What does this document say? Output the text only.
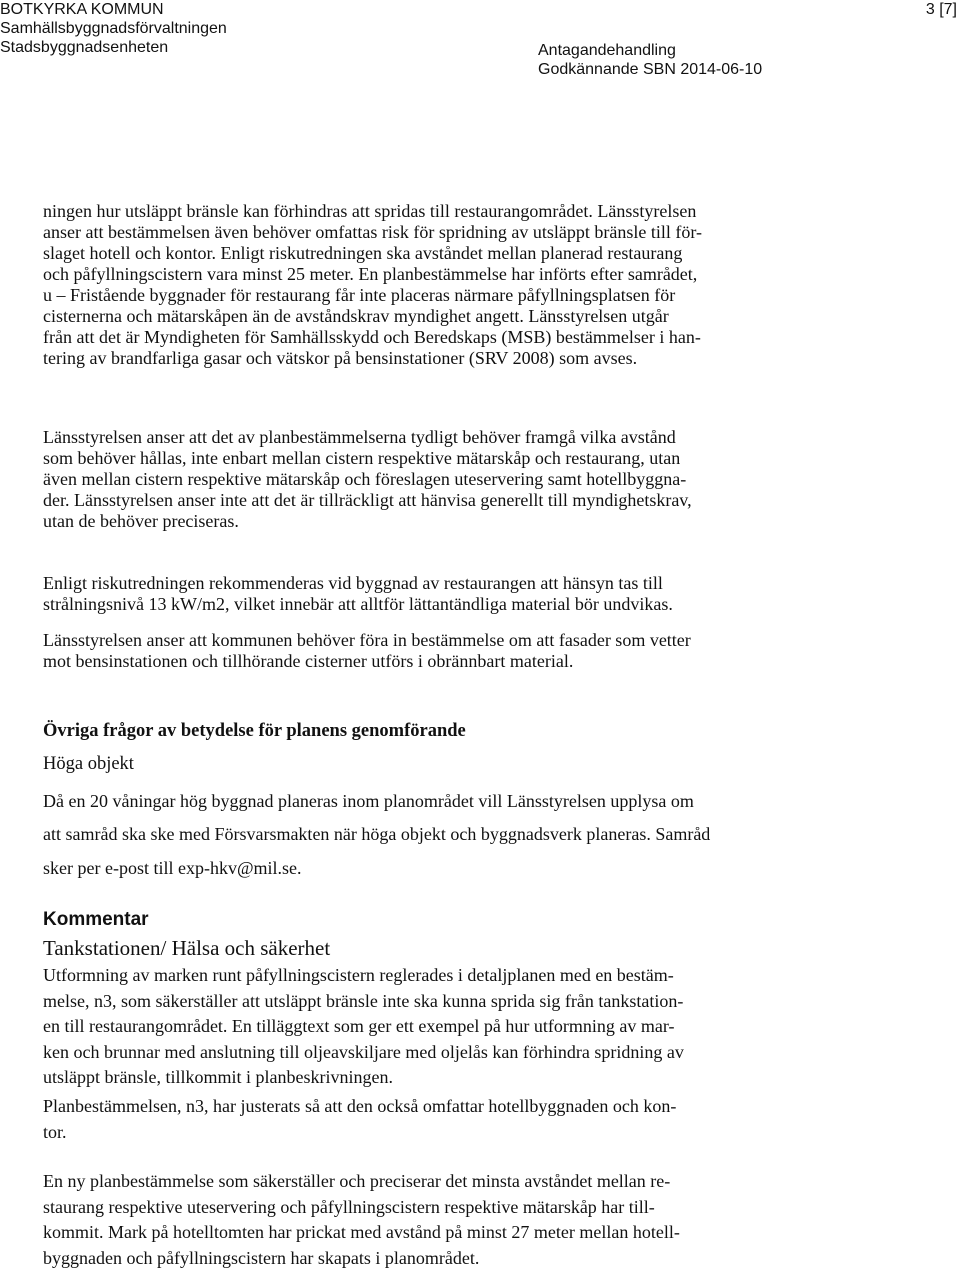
BOTKYRKA KOMMUN
Samhällsbyggnadsförvaltningen
Stadsbyggnadsenheten	Antagandehandling
Godkännande SBN 2014-06-10
3 [7]

ningen hur utsläppt bränsle kan förhindras att spridas till restaurangområdet. Länsstyrelsen

anser att bestämmelsen även behöver omfattas risk för spridning av utsläppt bränsle till för-

slaget hotell och kontor. Enligt riskutredningen ska avståndet mellan planerad restaurang

och påfyllningscistern vara minst 25 meter. En planbestämmelse har införts efter samrådet,

u – Fristående byggnader för restaurang får inte placeras närmare påfyllningsplatsen för

cisternerna och mätarskåpen än de avståndskrav myndighet angett. Länsstyrelsen utgår

från att det är Myndigheten för Samhällsskydd och Beredskaps (MSB) bestämmelser i han-

tering av brandfarliga gasar och vätskor på bensinstationer (SRV 2008) som avses.

Länsstyrelsen anser att det av planbestämmelserna tydligt behöver framgå vilka avstånd

som behöver hållas, inte enbart mellan cistern respektive mätarskåp och restaurang, utan

även mellan cistern respektive mätarskåp och föreslagen uteservering samt hotellbyggna-

der. Länsstyrelsen anser inte att det är tillräckligt att hänvisa generellt till myndighetskrav,

utan de behöver preciseras.

Enligt riskutredningen rekommenderas vid byggnad av restaurangen att hänsyn tas till

strålningsnivå 13 kW/m2, vilket innebär att alltför lättantändliga material bör undvikas.

Länsstyrelsen anser att kommunen behöver föra in bestämmelse om att fasader som vetter

mot bensinstationen och tillhörande cisterner utförs i obrännbart material.

Övriga frågor av betydelse för planens genomförande
Höga objekt

Då en 20 våningar hög byggnad planeras inom planområdet vill Länsstyrelsen upplysa om

att samråd ska ske med Försvarsmakten när höga objekt och byggnadsverk planeras. Samråd

sker per e-post till exp-hkv@mil.se.

Kommentar
Tankstationen/ Hälsa och säkerhet

Utformning av marken runt påfyllningscistern reglerades i detaljplanen med en bestäm-

melse, n3, som säkerställer att utsläppt bränsle inte ska kunna sprida sig från tankstation-

en till restaurangområdet. En tilläggtext som ger ett exempel på hur utformning av mar-

ken och brunnar med anslutning till oljeavskiljare med oljelås kan förhindra spridning av

utsläppt bränsle, tillkommit i planbeskrivningen.

Planbestämmelsen, n3, har justerats så att den också omfattar hotellbyggnaden och kon-

tor.

En ny planbestämmelse som säkerställer och preciserar det minsta avståndet mellan re-

staurang respektive uteservering och påfyllningscistern respektive mätarskåp har till-

kommit. Mark på hotelltomten har prickat med avstånd på minst 27 meter mellan hotell-

byggnaden och påfyllningscistern har skapats i planområdet.
